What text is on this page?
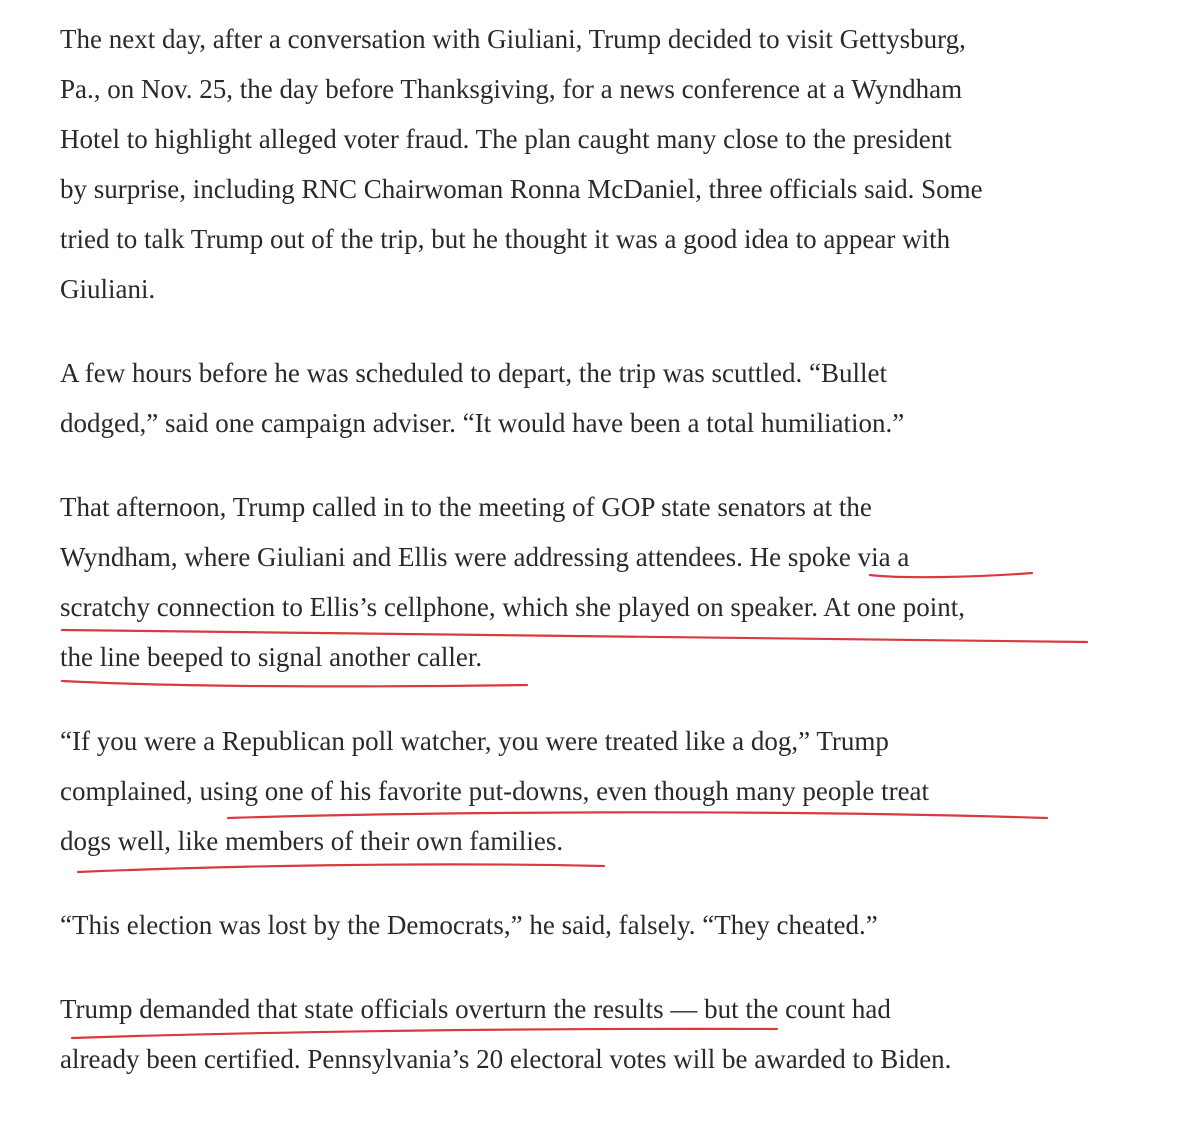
The next day, after a conversation with Giuliani, Trump decided to visit Gettysburg,
Pa., on Nov. 25, the day before Thanksgiving, for a news conference at a Wyndham
Hotel to highlight alleged voter fraud. The plan caught many close to the president
by surprise, including RNC Chairwoman Ronna McDaniel, three officials said. Some
tried to talk Trump out of the trip, but he thought it was a good idea to appear with
Giuliani.

A few hours before he was scheduled to depart, the trip was scuttled. “Bullet
dodged,” said one campaign adviser. “It would have been a total humiliation.”

That afternoon, Trump called in to the meeting of GOP state senators at the
Wyndham, where Giuliani and Ellis were addressing attendees. He spoke via a
scratchy connection to Ellis’s cellphone, which she played on speaker. At one point,
the line beeped to signal another caller.

“If you were a Republican poll watcher, you were treated like a dog,” Trump
complained, using one of his favorite put-downs, even though many people treat
dogs well, like members of their own families.

“This election was lost by the Democrats,” he said, falsely. “They cheated.”

Trump demanded that state officials overturn the results — but the count had
already been certified. Pennsylvania’s 20 electoral votes will be awarded to Biden.
